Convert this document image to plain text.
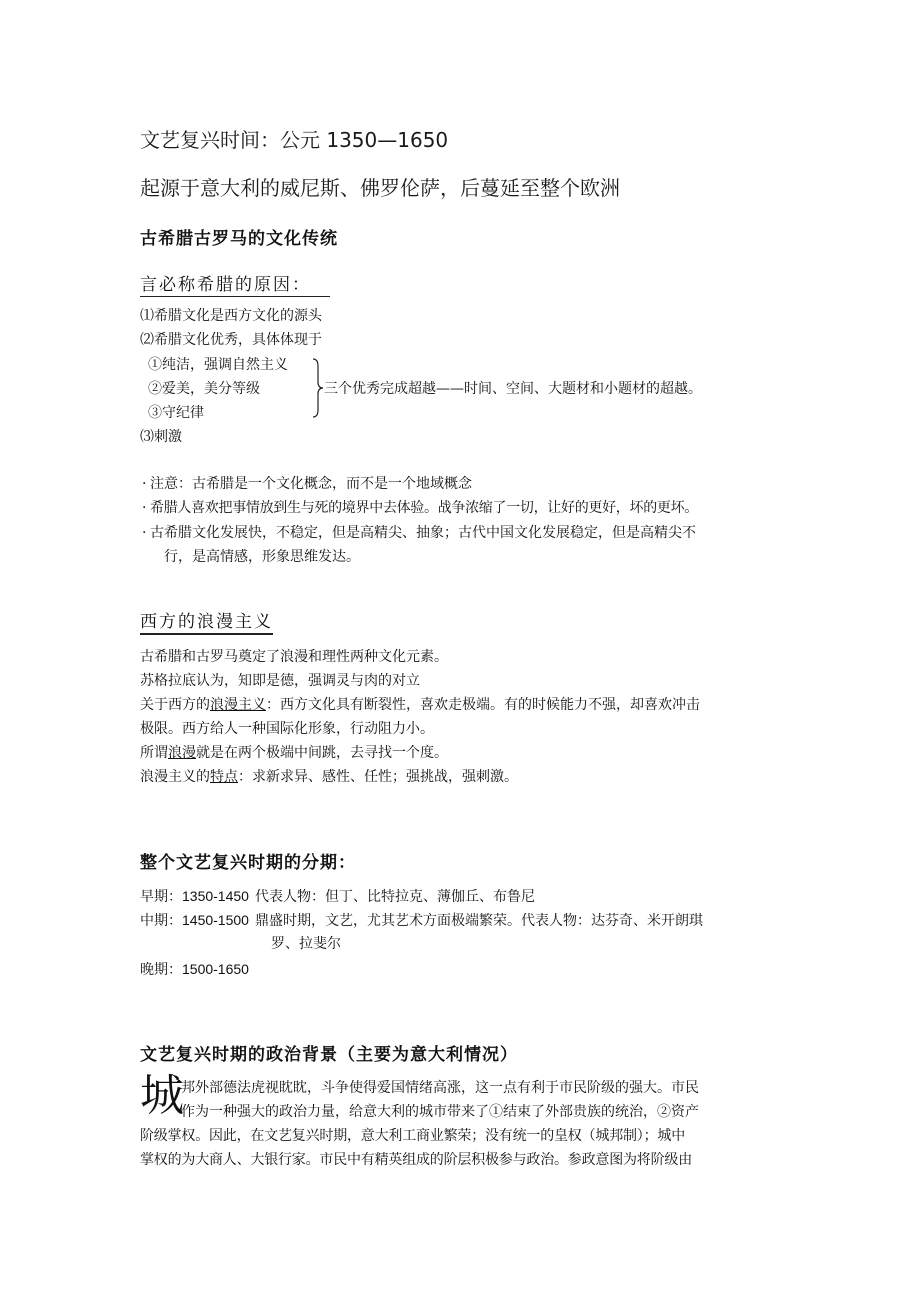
文艺复兴时间：公元 1350—1650
起源于意大利的威尼斯、佛罗伦萨，后蔓延至整个欧洲
古希腊古罗马的文化传统
言必称希腊的原因：
⑴希腊文化是西方文化的源头
⑵希腊文化优秀，具体体现于
①纯洁，强调自然主义
②爱美，美分等级
③守纪律
三个优秀完成超越——时间、空间、大题材和小题材的超越。
⑶刺激
· 注意：古希腊是一个文化概念，而不是一个地域概念
· 希腊人喜欢把事情放到生与死的境界中去体验。战争浓缩了一切，让好的更好，坏的更坏。
· 古希腊文化发展快，不稳定，但是高精尖、抽象；古代中国文化发展稳定，但是高精尖不
行，是高情感，形象思维发达。
西方的浪漫主义
古希腊和古罗马奠定了浪漫和理性两种文化元素。
苏格拉底认为，知即是德，强调灵与肉的对立
关于西方的浪漫主义：西方文化具有断裂性，喜欢走极端。有的时候能力不强，却喜欢冲击
极限。西方给人一种国际化形象，行动阻力小。
所谓浪漫就是在两个极端中间跳，去寻找一个度。
浪漫主义的特点：求新求异、感性、任性；强挑战，强刺激。
整个文艺复兴时期的分期：
早期：1350-1450 代表人物：但丁、比特拉克、薄伽丘、布鲁尼
中期：1450-1500 鼎盛时期，文艺，尤其艺术方面极端繁荣。代表人物：达芬奇、米开朗琪
罗、拉斐尔
晚期：1500-1650
文艺复兴时期的政治背景（主要为意大利情况）
城
邦外部德法虎视眈眈，斗争使得爱国情绪高涨，这一点有利于市民阶级的强大。市民
作为一种强大的政治力量，给意大利的城市带来了①结束了外部贵族的统治，②资产
阶级掌权。因此，在文艺复兴时期，意大利工商业繁荣；没有统一的皇权（城邦制）；城中
掌权的为大商人、大银行家。市民中有精英组成的阶层积极参与政治。参政意图为将阶级由
